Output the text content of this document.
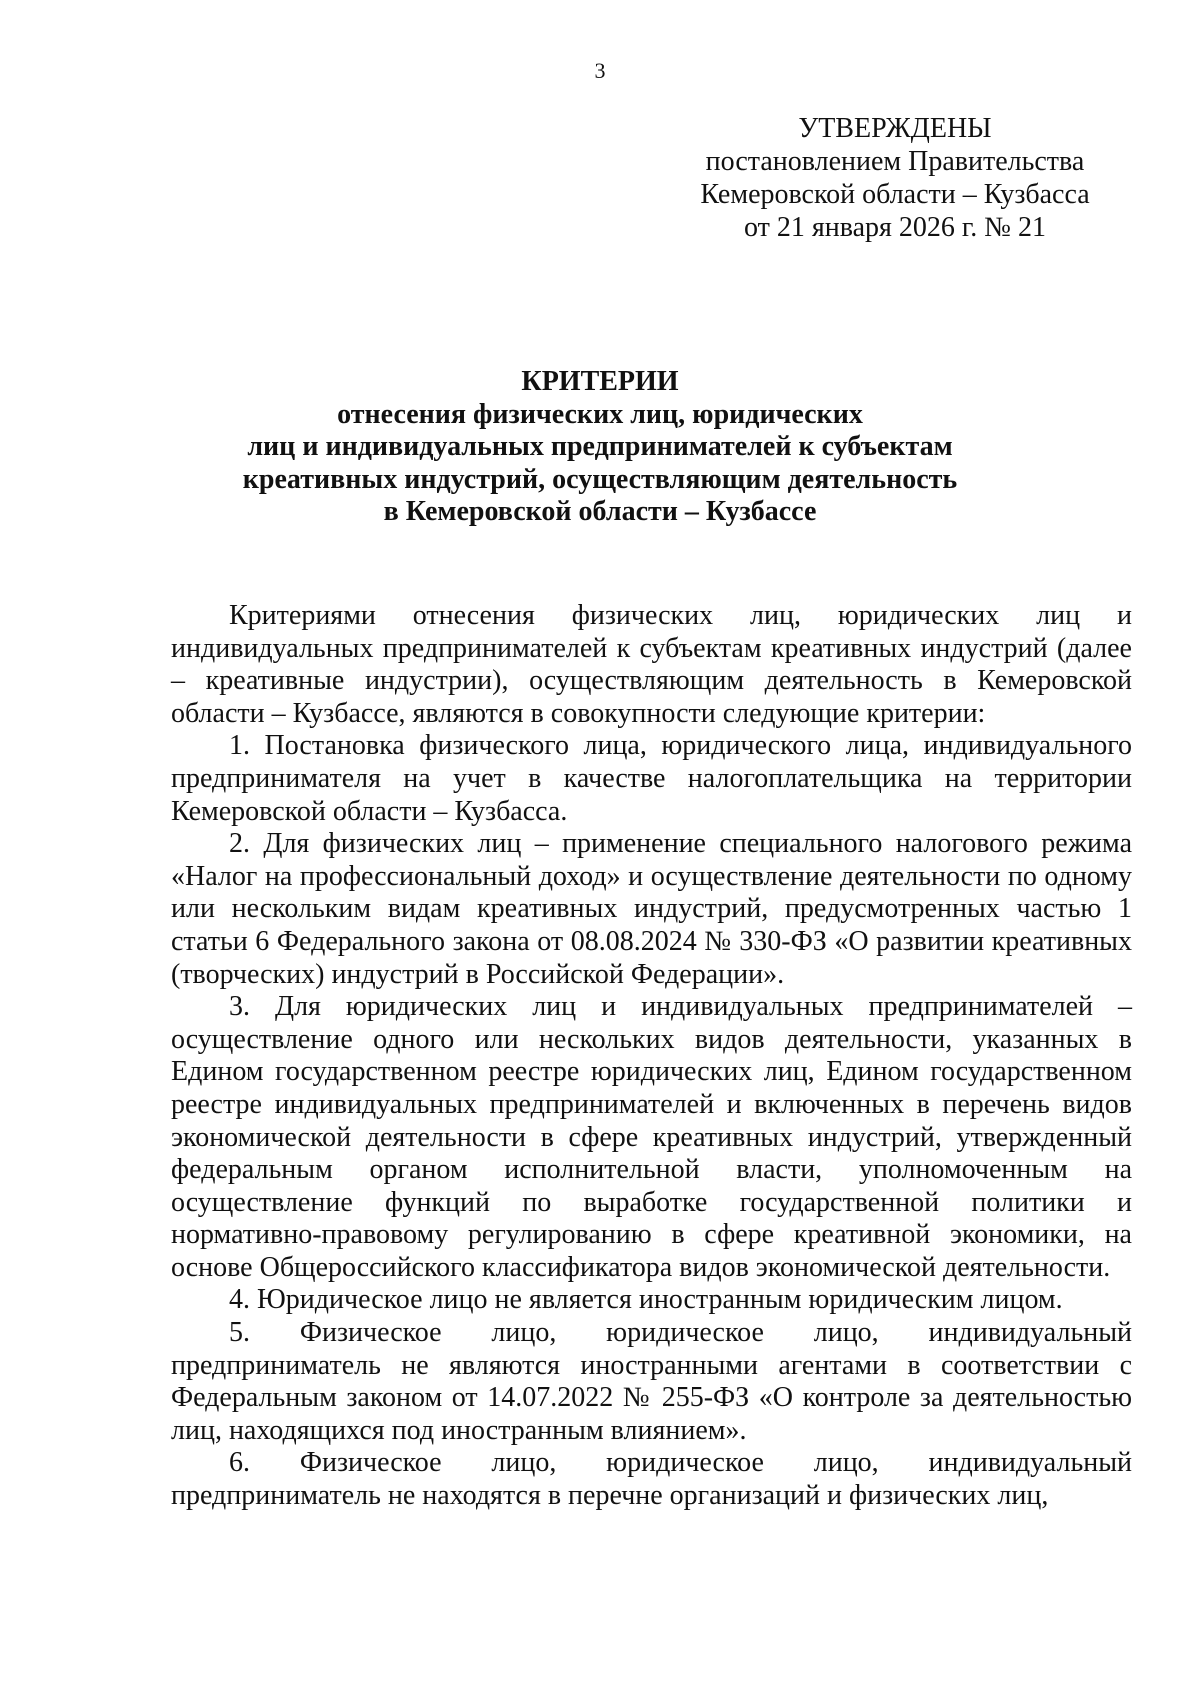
3
УТВЕРЖДЕНЫ
постановлением Правительства
Кемеровской области – Кузбасса
от 21 января 2026 г. № 21
КРИТЕРИИ
отнесения физических лиц, юридических
лиц и индивидуальных предпринимателей к субъектам
креативных индустрий, осуществляющим деятельность
в Кемеровской области – Кузбассе

Критериями отнесения физических лиц, юридических лиц и индивидуальных предпринимателей к субъектам креативных индустрий (далее – креативные индустрии), осуществляющим деятельность в Кемеровской области – Кузбассе, являются в совокупности следующие критерии:

1. Постановка физического лица, юридического лица, индивидуального предпринимателя на учет в качестве налогоплательщика на территории Кемеровской области – Кузбасса.

2. Для физических лиц – применение специального налогового режима «Налог на профессиональный доход» и осуществление деятельности по одному или нескольким видам креативных индустрий, предусмотренных частью 1 статьи 6 Федерального закона от 08.08.2024 № 330-ФЗ «О развитии креативных (творческих) индустрий в Российской Федерации».

3. Для юридических лиц и индивидуальных предпринимателей – осуществление одного или нескольких видов деятельности, указанных в Едином государственном реестре юридических лиц, Едином государственном реестре индивидуальных предпринимателей и включенных в перечень видов экономической деятельности в сфере креативных индустрий, утвержденный федеральным органом исполнительной власти, уполномоченным на осуществление функций по выработке государственной политики и нормативно-правовому регулированию в сфере креативной экономики, на основе Общероссийского классификатора видов экономической деятельности.

4. Юридическое лицо не является иностранным юридическим лицом.

5. Физическое лицо, юридическое лицо, индивидуальный предприниматель не являются иностранными агентами в соответствии с Федеральным законом от 14.07.2022 № 255-ФЗ «О контроле за деятельностью лиц, находящихся под иностранным влиянием».

6. Физическое лицо, юридическое лицо, индивидуальный предприниматель не находятся в перечне организаций и физических лиц,
